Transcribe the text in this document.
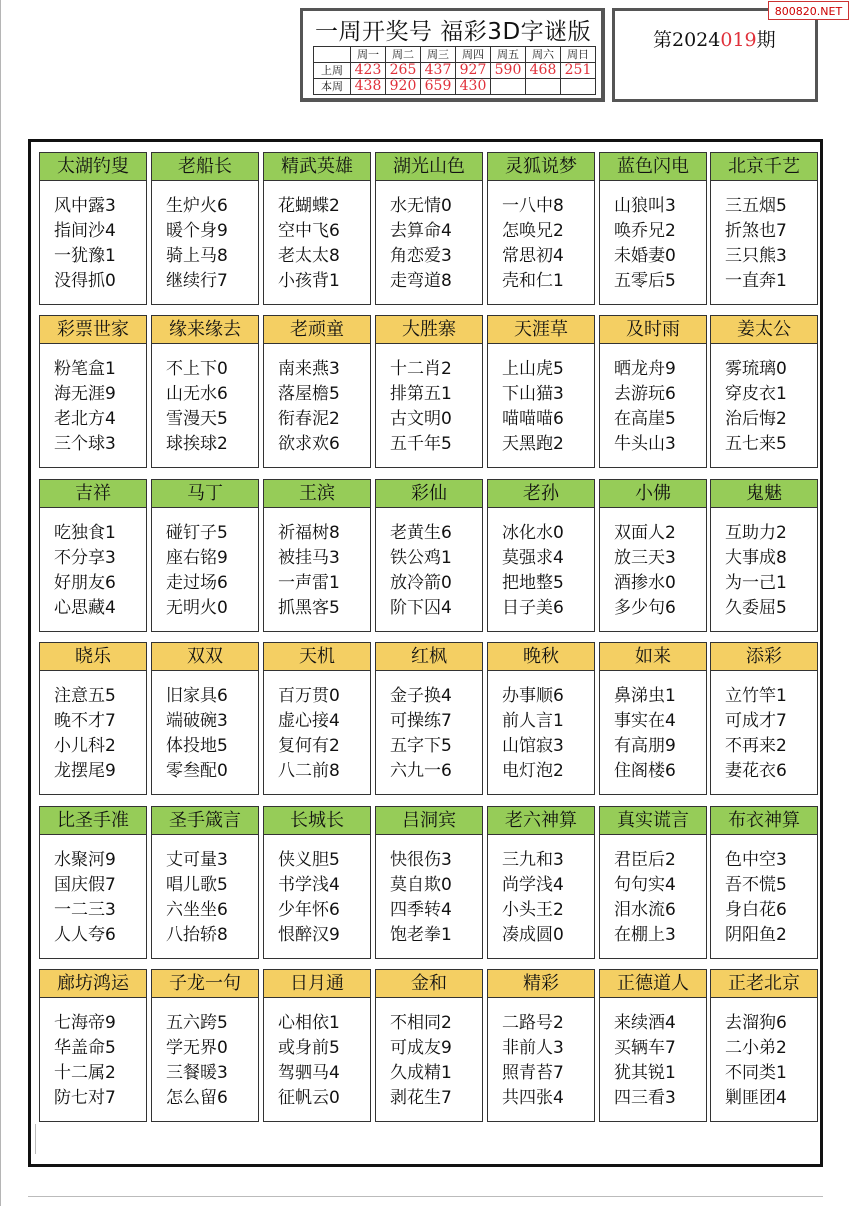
一周开奖号 福彩3D字谜版
	周一	周二	周三	周四	周五	周六	周日
上周	423	265	437	927	590	468	251
本周	438	920	659	430			
第2024019期
800820.NET
太湖钓叟
风中露3
指间沙4
一犹豫1
没得抓0
老船长
生炉火6
暖个身9
骑上马8
继续行7
精武英雄
花蝴蝶2
空中飞6
老太太8
小孩背1
湖光山色
水无情0
去算命4
角恋爱3
走弯道8
灵狐说梦
一八中8
怎唤兄2
常思初4
壳和仁1
蓝色闪电
山狼叫3
唤乔兄2
未婚妻0
五零后5
北京千艺
三五烟5
折煞也7
三只熊3
一直奔1
彩票世家
粉笔盒1
海无涯9
老北方4
三个球3
缘来缘去
不上下0
山无水6
雪漫天5
球挨球2
老顽童
南来燕3
落屋檐5
衔春泥2
欲求欢6
大胜寨
十二肖2
排第五1
古文明0
五千年5
天涯草
上山虎5
下山猫3
喵喵喵6
天黑跑2
及时雨
晒龙舟9
去游玩6
在高崖5
牛头山3
姜太公
雾琉璃0
穿皮衣1
治后悔2
五七来5
吉祥
吃独食1
不分享3
好朋友6
心思藏4
马丁
碰钉子5
座右铭9
走过场6
无明火0
王滨
祈福树8
被挂马3
一声雷1
抓黑客5
彩仙
老黄生6
铁公鸡1
放冷箭0
阶下囚4
老孙
冰化水0
莫强求4
把地整5
日子美6
小佛
双面人2
放三天3
酒掺水0
多少句6
鬼魅
互助力2
大事成8
为一己1
久委屈5
晓乐
注意五5
晚不才7
小儿科2
龙摆尾9
双双
旧家具6
端破碗3
体投地5
零叁配0
天机
百万贯0
虚心接4
复何有2
八二前8
红枫
金子换4
可操练7
五字下5
六九一6
晚秋
办事顺6
前人言1
山馆寂3
电灯泡2
如来
鼻涕虫1
事实在4
有高朋9
住阁楼6
添彩
立竹竿1
可成才7
不再来2
妻花衣6
比圣手准
水聚河9
国庆假7
一二三3
人人夸6
圣手箴言
丈可量3
唱儿歌5
六坐坐6
八抬轿8
长城长
侠义胆5
书学浅4
少年怀6
恨醉汉9
吕洞宾
快很伤3
莫自欺0
四季转4
饱老拳1
老六神算
三九和3
尚学浅4
小头王2
凑成圆0
真实谎言
君臣后2
句句实4
泪水流6
在棚上3
布衣神算
色中空3
吾不慌5
身白花6
阴阳鱼2
廊坊鸿运
七海帝9
华盖命5
十二属2
防七对7
子龙一句
五六跨5
学无界0
三餐暖3
怎么留6
日月通
心相依1
或身前5
驾驷马4
征帆云0
金和
不相同2
可成友9
久成精1
剥花生7
精彩
二路号2
非前人3
照青苔7
共四张4
正德道人
来续酒4
买辆车7
犹其锐1
四三看3
正老北京
去溜狗6
二小弟2
不同类1
剿匪团4
